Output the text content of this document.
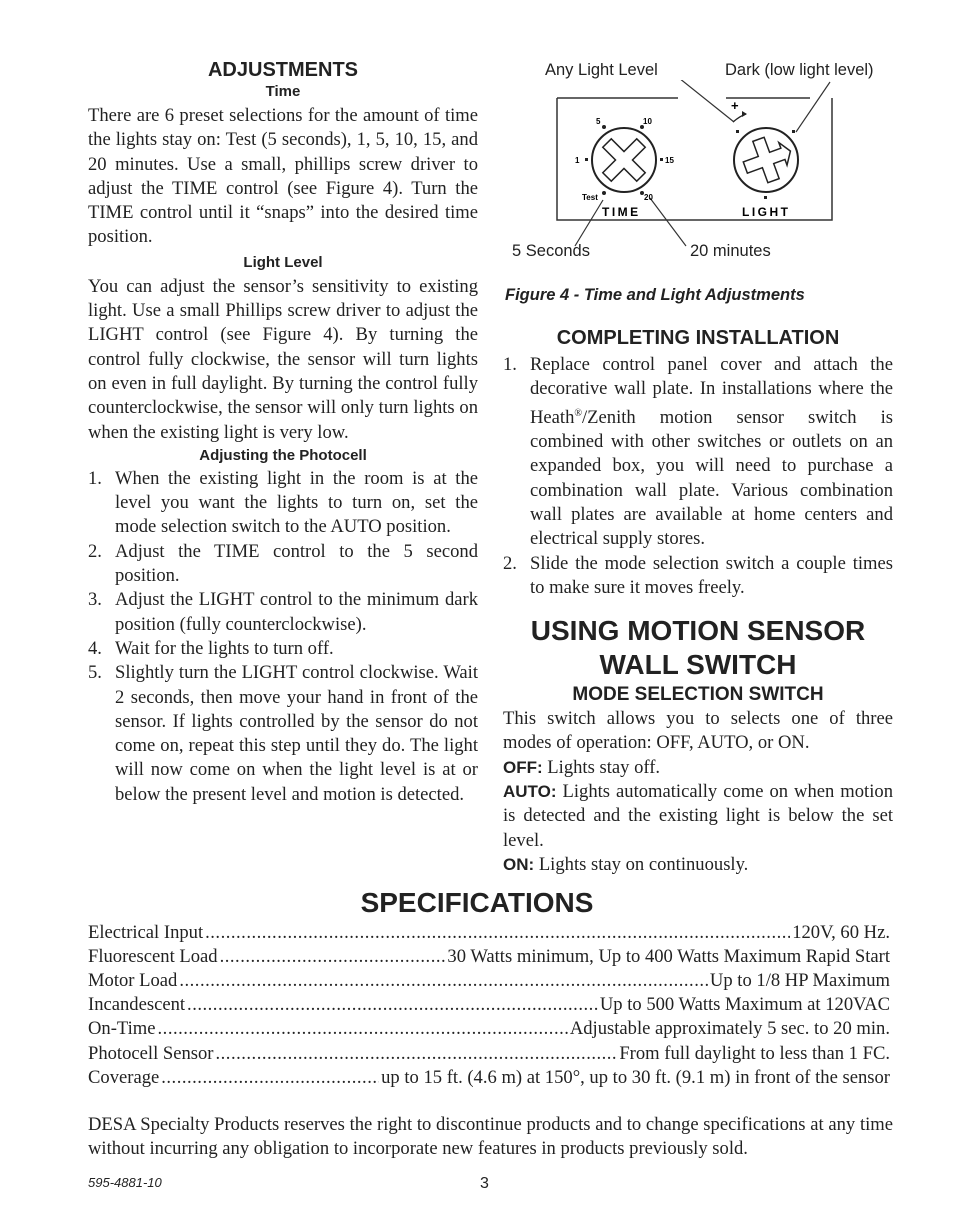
ADJUSTMENTS
Time

There are 6 preset selections for the amount of time the lights stay on: Test (5 seconds), 1, 5, 10, 15, and 20 minutes. Use a small, phillips screw driver to adjust the TIME control (see Figure 4). Turn the TIME control until it “snaps” into the desired time position.

Light Level

You can adjust the sensor’s sensitivity to existing light. Use a small Phillips screw driver to adjust the LIGHT control (see Figure 4). By turning the control fully clockwise, the sensor will turn lights on even in full daylight. By turning the control fully counterclockwise, the sensor will only turn lights on when the existing light is very low.

Adjusting the Photocell
1. When the existing light in the room is at the level you want the lights to turn on, set the mode selection switch to the AUTO position.
2. Adjust the TIME control to the 5 second position.
3. Adjust the LIGHT control to the minimum dark position (fully counterclockwise).
4. Wait for the lights to turn off.
5. Slightly turn the LIGHT control clockwise. Wait 2 seconds, then move your hand in front of the sensor. If lights controlled by the sensor do not come on, repeat this step until they do. The light will now come on when the light level is at or below the present level and motion is detected.
Any Light Level	Dark (low light level)
5 Seconds	20 minutes
5	10
1	15
Test	20
TIME
+
LIGHT
Figure 4 - Time and Light Adjustments
COMPLETING INSTALLATION
1. Replace control panel cover and attach the decorative wall plate. In installations where the Heath®/Zenith motion sensor switch is combined with other switches or outlets on an expanded box, you will need to purchase a combination wall plate. Various combination wall plates are available at home centers and electrical supply stores.
2. Slide the mode selection switch a couple times to make sure it moves freely.

USING MOTION SENSOR

WALL SWITCH

MODE SELECTION SWITCH

This switch allows you to selects one of three modes of operation: OFF, AUTO, or ON.

OFF: Lights stay off.

AUTO: Lights automatically come on when motion is detected and the existing light is below the set level.

ON: Lights stay on continuously.

SPECIFICATIONS
Electrical Input .....	120V, 60 Hz.
Fluorescent Load .....	30 Watts minimum, Up to 400 Watts Maximum Rapid Start
Motor Load .....	Up to 1/8 HP Maximum
Incandescent .....	Up to 500 Watts Maximum at 120VAC
On-Time .....	Adjustable approximately 5 sec. to 20 min.
Photocell Sensor .....	From full daylight to less than 1 FC.
Coverage .....	up to 15 ft. (4.6 m) at 150°, up to 30 ft. (9.1 m) in front of the sensor

DESA Specialty Products reserves the right to discontinue products and to change specifications at any time without incurring any obligation to incorporate new features in products previously sold.

595-4881-10	3
